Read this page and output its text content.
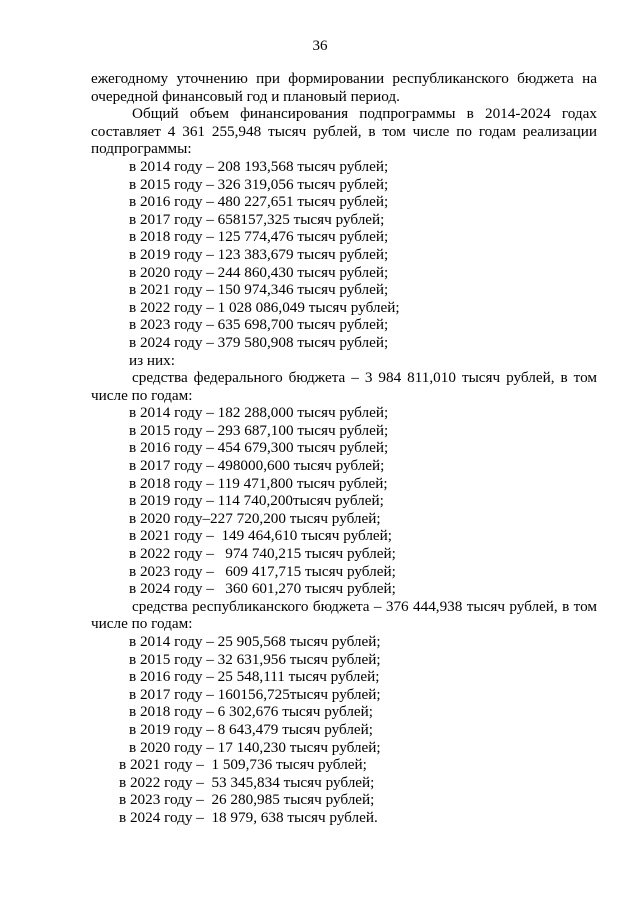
36
ежегодному уточнению при формировании республиканского бюджета на
очередной финансовый год и плановый период.
Общий объем финансирования подпрограммы в 2014-2024 годах
составляет 4 361 255,948 тысяч рублей, в том числе по годам реализации
подпрограммы:
в 2014 году – 208 193,568 тысяч рублей;
в 2015 году – 326 319,056 тысяч рублей;
в 2016 году – 480 227,651 тысяч рублей;
в 2017 году – 658157,325 тысяч рублей;
в 2018 году – 125 774,476 тысяч рублей;
в 2019 году – 123 383,679 тысяч рублей;
в 2020 году – 244 860,430 тысяч рублей;
в 2021 году – 150 974,346 тысяч рублей;
в 2022 году – 1 028 086,049 тысяч рублей;
в 2023 году – 635 698,700 тысяч рублей;
в 2024 году – 379 580,908 тысяч рублей;
из них:
средства федерального бюджета – 3 984 811,010 тысяч рублей, в том
числе по годам:
в 2014 году – 182 288,000 тысяч рублей;
в 2015 году – 293 687,100 тысяч рублей;
в 2016 году – 454 679,300 тысяч рублей;
в 2017 году – 498000,600 тысяч рублей;
в 2018 году – 119 471,800 тысяч рублей;
в 2019 году – 114 740,200тысяч рублей;
в 2020 году–227 720,200 тысяч рублей;
в 2021 году –  149 464,610 тысяч рублей;
в 2022 году –   974 740,215 тысяч рублей;
в 2023 году –   609 417,715 тысяч рублей;
в 2024 году –   360 601,270 тысяч рублей;
средства республиканского бюджета – 376 444,938 тысяч рублей, в том
числе по годам:
в 2014 году – 25 905,568 тысяч рублей;
в 2015 году – 32 631,956 тысяч рублей;
в 2016 году – 25 548,111 тысяч рублей;
в 2017 году – 160156,725тысяч рублей;
в 2018 году – 6 302,676 тысяч рублей;
в 2019 году – 8 643,479 тысяч рублей;
в 2020 году – 17 140,230 тысяч рублей;
в 2021 году –  1 509,736 тысяч рублей;
в 2022 году –  53 345,834 тысяч рублей;
в 2023 году –  26 280,985 тысяч рублей;
в 2024 году –  18 979, 638 тысяч рублей.
